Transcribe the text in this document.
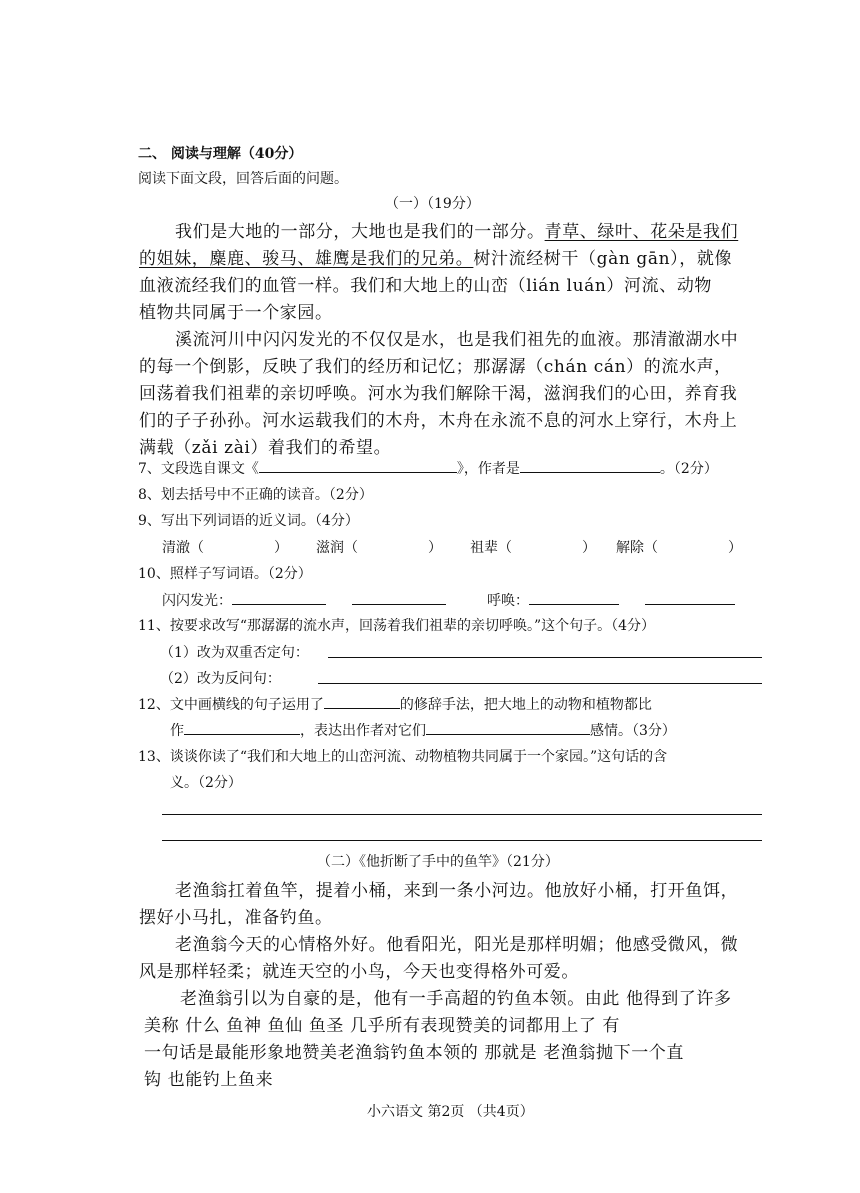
二、 阅读与理解（40分）
阅读下面文段，回答后面的问题。
（一）（19分）
我们是大地的一部分，大地也是我们的一部分。青草、绿叶、花朵是我们
的姐妹，麋鹿、骏马、雄鹰是我们的兄弟。树汁流经树干（gàn gān），就像
血液流经我们的血管一样。我们和大地上的山峦（lián luán）河流、动物
植物共同属于一个家园。
溪流河川中闪闪发光的不仅仅是水，也是我们祖先的血液。那清澈湖水中
的每一个倒影，反映了我们的经历和记忆；那潺潺（chán cán）的流水声，
回荡着我们祖辈的亲切呼唤。河水为我们解除干渴，滋润我们的心田，养育我
们的子子孙孙。河水运载我们的木舟，木舟在永流不息的河水上穿行，木舟上
满载（zǎi zài）着我们的希望。
7、文段选自课文《	》，作者是	。（2分）
8、划去括号中不正确的读音。（2分）
9、写出下列词语的近义词。（4分）
清澈（	） 滋润（	） 祖辈（	） 解除（	）
10、照样子写词语。（2分）
闪闪发光：	呼唤：
11、按要求改写“那潺潺的流水声，回荡着我们祖辈的亲切呼唤。”这个句子。（4分）
（1）改为双重否定句：
（2）改为反问句：
12、文中画横线的句子运用了	的修辞手法，把大地上的动物和植物都比
作	，表达出作者对它们	感情。（3分）
13、谈谈你读了“我们和大地上的山峦河流、动物植物共同属于一个家园。”这句话的含
义。（2分）
（二）《他折断了手中的鱼竿》（21分）
老渔翁扛着鱼竿，提着小桶，来到一条小河边。他放好小桶，打开鱼饵，
摆好小马扎，准备钓鱼。
老渔翁今天的心情格外好。他看阳光，阳光是那样明媚；他感受微风，微
风是那样轻柔；就连天空的小鸟，今天也变得格外可爱。
老渔翁引以为自豪的是，他有一手高超的钓鱼本领。由此 他得到了许多
美称 什么 鱼神 鱼仙 鱼圣 几乎所有表现赞美的词都用上了 有
一句话是最能形象地赞美老渔翁钓鱼本领的 那就是 老渔翁抛下一个直
钩 也能钓上鱼来
小六语文 第2页 （共4页）
